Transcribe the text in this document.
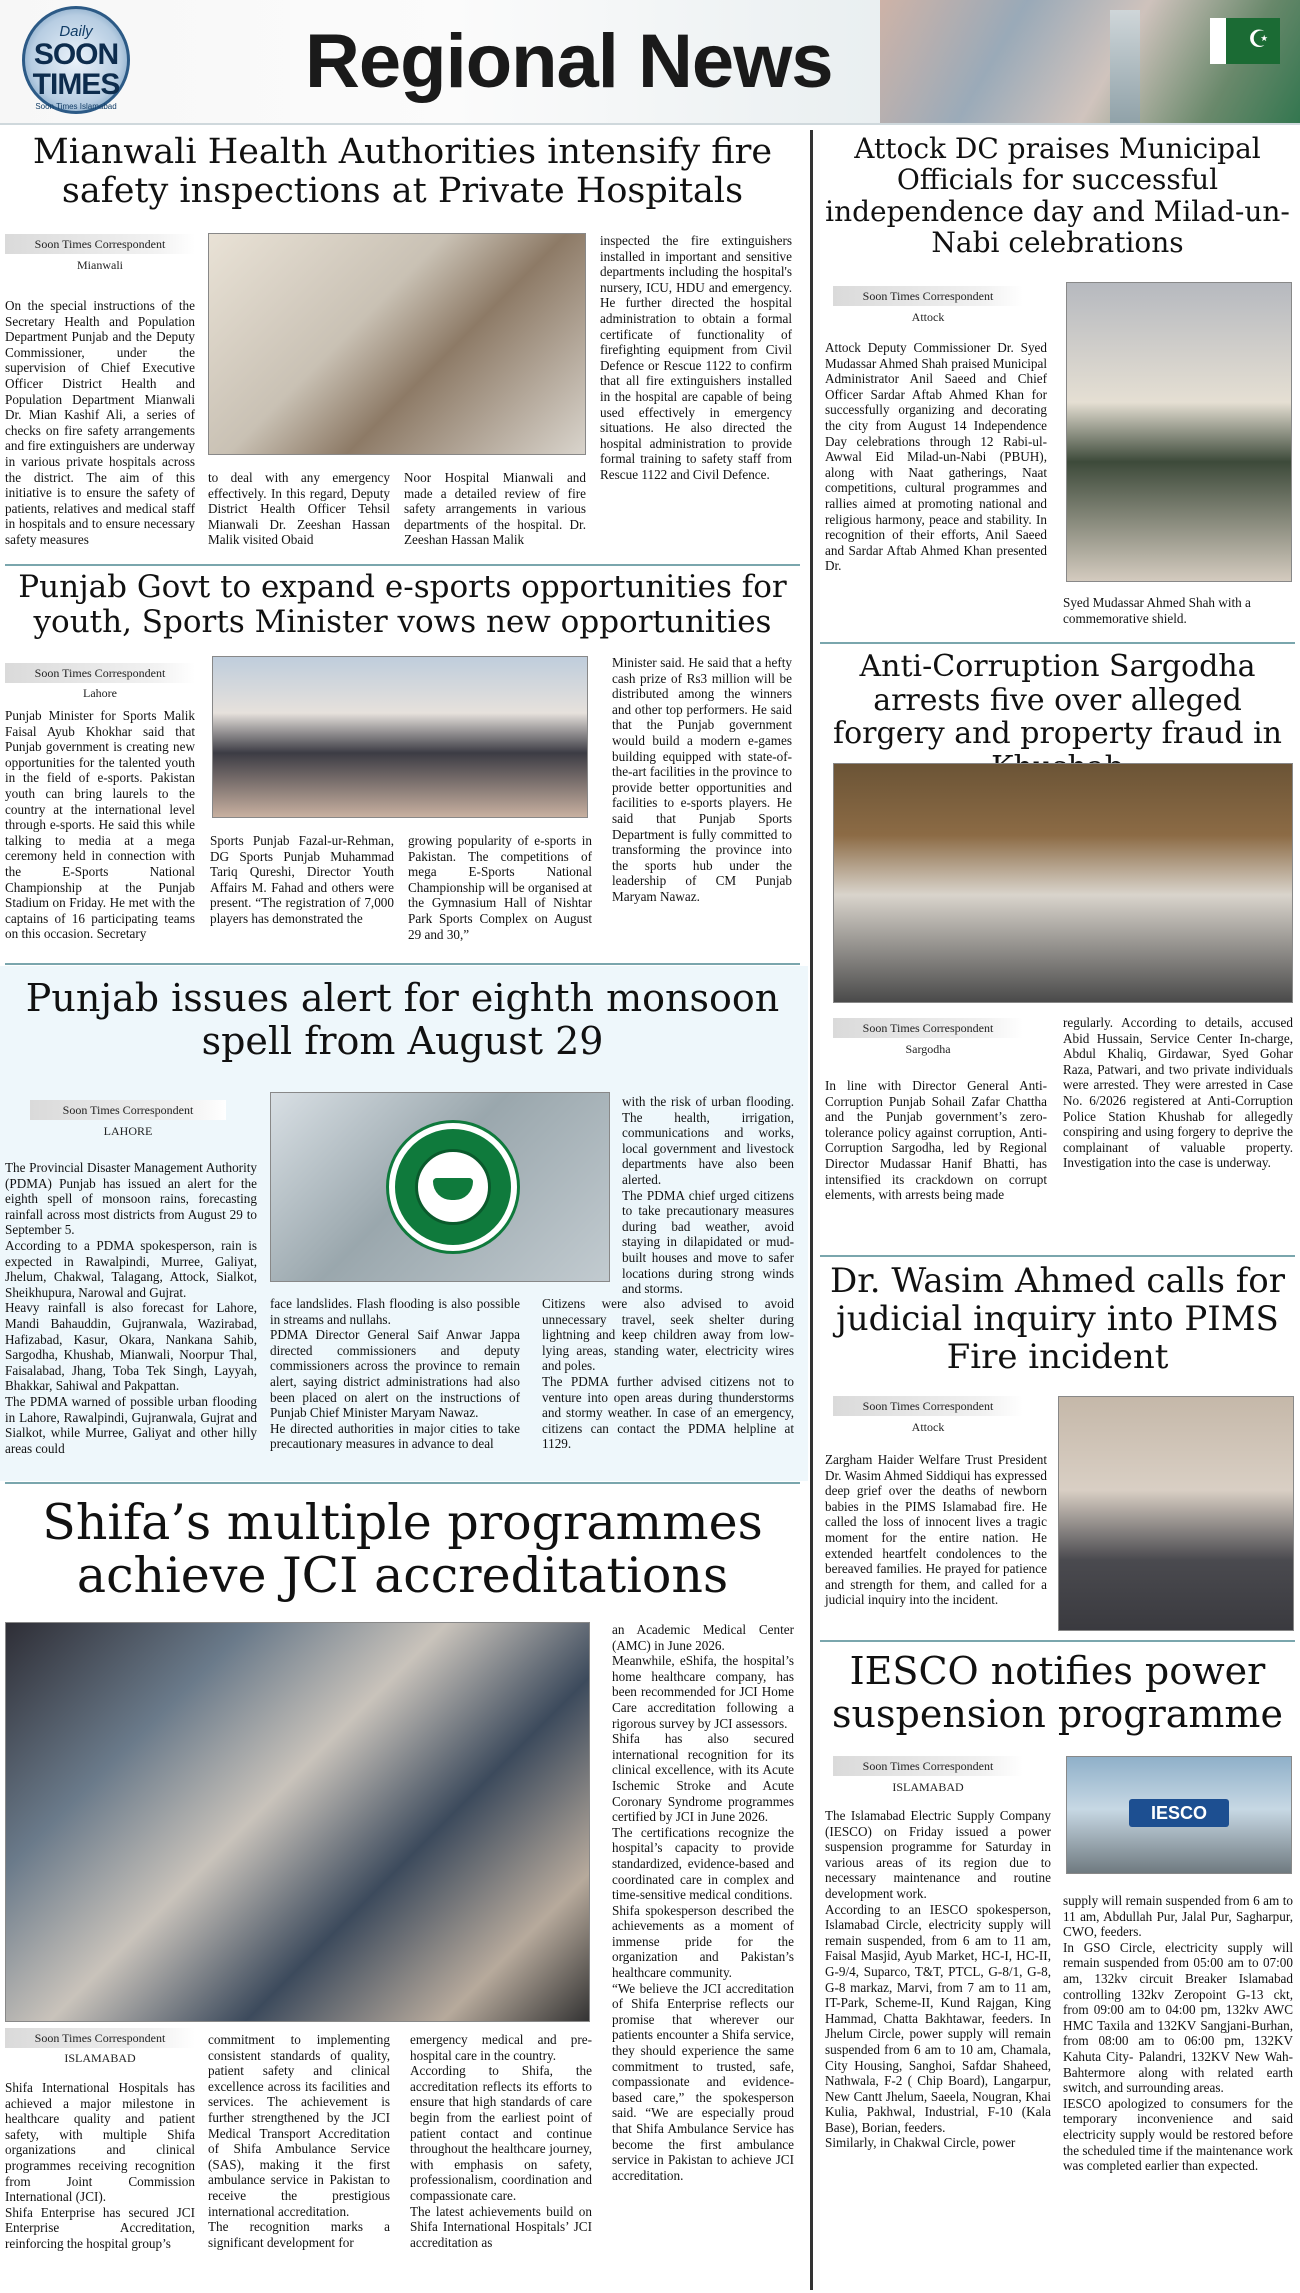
Daily
SOON
TIMES
Soon Times Islamabad
Regional News	☪
Mianwali Health Authorities intensify fire safety inspections at Private Hospitals
Soon Times Correspondent
Mianwali
On the special instructions of the Secretary Health and Population Department Punjab and the Deputy Commissioner, under the supervision of Chief Executive Officer District Health and Population Department Mianwali Dr. Mian Kashif Ali, a series of checks on fire safety arrangements and fire extinguishers are underway in various private hospitals across the district. The aim of this initiative is to ensure the safety of patients, relatives and medical staff in hospitals and to ensure necessary safety measures
to deal with any emergency effectively. In this regard, Deputy District Health Officer Tehsil Mianwali Dr. Zeeshan Hassan Malik visited Obaid
Noor Hospital Mianwali and made a detailed review of fire safety arrangements in various departments of the hospital. Dr. Zeeshan Hassan Malik
inspected the fire extinguishers installed in important and sensitive departments including the hospital's nursery, ICU, HDU and emergency. He further directed the hospital administration to obtain a formal certificate of functionality of firefighting equipment from Civil Defence or Rescue 1122 to confirm that all fire extinguishers installed in the hospital are capable of being used effectively in emergency situations. He also directed the hospital administration to provide formal training to safety staff from Rescue 1122 and Civil Defence.
Punjab Govt to expand e-sports opportunities for youth, Sports Minister vows new opportunities
Soon Times Correspondent
Lahore
Punjab Minister for Sports Malik Faisal Ayub Khokhar said that Punjab government is creating new opportunities for the talented youth in the field of e-sports. Pakistan youth can bring laurels to the country at the international level through e-sports. He said this while talking to media at a mega ceremony held in connection with the E-Sports National Championship at the Punjab Stadium on Friday. He met with the captains of 16 participating teams on this occasion. Secretary
Sports Punjab Fazal-ur-Rehman, DG Sports Punjab Muhammad Tariq Qureshi, Director Youth Affairs M. Fahad and others were present. “The registration of 7,000 players has demonstrated the
growing popularity of e-sports in Pakistan. The competitions of mega E-Sports National Championship will be organised at the Gymnasium Hall of Nishtar Park Sports Complex on August 29 and 30,”
Minister said. He said that a hefty cash prize of Rs3 million will be distributed among the winners and other top performers. He said that the Punjab government would build a modern e-games building equipped with state-of-the-art facilities in the province to provide better opportunities and facilities to e-sports players. He said that Punjab Sports Department is fully committed to transforming the province into the sports hub under the leadership of CM Punjab Maryam Nawaz.
Punjab issues alert for eighth monsoon spell from August 29
Soon Times Correspondent
LAHORE
The Provincial Disaster Management Authority (PDMA) Punjab has issued an alert for the eighth spell of monsoon rains, forecasting rainfall across most districts from August 29 to September 5.
According to a PDMA spokesperson, rain is expected in Rawalpindi, Murree, Galiyat, Jhelum, Chakwal, Talagang, Attock, Sialkot, Sheikhupura, Narowal and Gujrat.
Heavy rainfall is also forecast for Lahore, Mandi Bahauddin, Gujranwala, Wazirabad, Hafizabad, Kasur, Okara, Nankana Sahib, Sargodha, Khushab, Mianwali, Noorpur Thal, Faisalabad, Jhang, Toba Tek Singh, Layyah, Bhakkar, Sahiwal and Pakpattan.
The PDMA warned of possible urban flooding in Lahore, Rawalpindi, Gujranwala, Gujrat and Sialkot, while Murree, Galiyat and other hilly areas could
face landslides. Flash flooding is also possible in streams and nullahs.
PDMA Director General Saif Anwar Jappa directed commissioners and deputy commissioners across the province to remain alert, saying district administrations had also been placed on alert on the instructions of Punjab Chief Minister Maryam Nawaz.
He directed authorities in major cities to take precautionary measures in advance to deal
with the risk of urban flooding. The health, irrigation, communications and works, local government and livestock departments have also been alerted.
The PDMA chief urged citizens to take precautionary measures during bad weather, avoid staying in dilapidated or mud-built houses and move to safer locations during strong winds and storms.
Citizens were also advised to avoid unnecessary travel, seek shelter during lightning and keep children away from low-lying areas, standing water, electricity wires and poles.
The PDMA further advised citizens not to venture into open areas during thunderstorms and stormy weather. In case of an emergency, citizens can contact the PDMA helpline at 1129.
Shifa’s multiple programmes achieve JCI accreditations
Soon Times Correspondent
ISLAMABAD
Shifa International Hospitals has achieved a major milestone in healthcare quality and patient safety, with multiple Shifa organizations and clinical programmes receiving recognition from Joint Commission International (JCI).
Shifa Enterprise has secured JCI Enterprise Accreditation, reinforcing the hospital group’s
commitment to implementing consistent standards of quality, patient safety and clinical excellence across its facilities and services. The achievement is further strengthened by the JCI Medical Transport Accreditation of Shifa Ambulance Service (SAS), making it the first ambulance service in Pakistan to receive the prestigious international accreditation.
The recognition marks a significant development for
emergency medical and pre-hospital care in the country.
According to Shifa, the accreditation reflects its efforts to ensure that high standards of care begin from the earliest point of patient contact and continue throughout the healthcare journey, with emphasis on safety, professionalism, coordination and compassionate care.
The latest achievements build on Shifa International Hospitals’ JCI accreditation as
an Academic Medical Center (AMC) in June 2026.
Meanwhile, eShifa, the hospital’s home healthcare company, has been recommended for JCI Home Care accreditation following a rigorous survey by JCI assessors.
Shifa has also secured international recognition for its clinical excellence, with its Acute Ischemic Stroke and Acute Coronary Syndrome programmes certified by JCI in June 2026.
The certifications recognize the hospital’s capacity to provide standardized, evidence-based and coordinated care in complex and time-sensitive medical conditions.
Shifa spokesperson described the achievements as a moment of immense pride for the organization and Pakistan’s healthcare community.
“We believe the JCI accreditation of Shifa Enterprise reflects our promise that wherever our patients encounter a Shifa service, they should experience the same commitment to trusted, safe, compassionate and evidence-based care,” the spokesperson said. “We are especially proud that Shifa Ambulance Service has become the first ambulance service in Pakistan to achieve JCI accreditation.
Attock DC praises Municipal Officials for successful independence day and Milad-un-Nabi celebrations
Soon Times Correspondent
Attock
Attock Deputy Commissioner Dr. Syed Mudassar Ahmed Shah praised Municipal Administrator Anil Saeed and Chief Officer Sardar Aftab Ahmed Khan for successfully organizing and decorating the city from August 14 Independence Day celebrations through 12 Rabi-ul-Awwal Eid Milad-un-Nabi (PBUH), along with Naat gatherings, Naat competitions, cultural programmes and rallies aimed at promoting national and religious harmony, peace and stability. In recognition of their efforts, Anil Saeed and Sardar Aftab Ahmed Khan presented Dr.
Syed Mudassar Ahmed Shah with a commemorative shield.
Anti-Corruption Sargodha arrests five over alleged forgery and property fraud in
Soon Times Correspondent
Sargodha
In line with Director General Anti-Corruption Punjab Sohail Zafar Chattha and the Punjab government’s zero-tolerance policy against corruption, Anti-Corruption Sargodha, led by Regional Director Mudassar Hanif Bhatti, has intensified its crackdown on corrupt elements, with arrests being made
regularly. According to details, accused Abid Hussain, Service Center In-charge, Abdul Khaliq, Girdawar, Syed Gohar Raza, Patwari, and two private individuals were arrested. They were arrested in Case No. 6/2026 registered at Anti-Corruption Police Station Khushab for allegedly conspiring and using forgery to deprive the complainant of valuable property. Investigation into the case is underway.
Dr. Wasim Ahmed calls for judicial inquiry into PIMS Fire incident
Soon Times Correspondent
Attock
Zargham Haider Welfare Trust President Dr. Wasim Ahmed Siddiqui has expressed deep grief over the deaths of newborn babies in the PIMS Islamabad fire. He called the loss of innocent lives a tragic moment for the entire nation. He extended heartfelt condolences to the bereaved families. He prayed for patience and strength for them, and called for a judicial inquiry into the incident.
IESCO notifies power suspension programme
Soon Times Correspondent
ISLAMABAD
IESCO
The Islamabad Electric Supply Company (IESCO) on Friday issued a power suspension programme for Saturday in various areas of its region due to necessary maintenance and routine development work.
According to an IESCO spokesperson, Islamabad Circle, electricity supply will remain suspended, from 6 am to 11 am, Faisal Masjid, Ayub Market, HC-I, HC-II, G-9/4, Suparco, T&T, PTCL, G-8/1, G-8, G-8 markaz, Marvi, from 7 am to 11 am, IT-Park, Scheme-II, Kund Rajgan, King Hammad, Chatta Bakhtawar, feeders. In Jhelum Circle, power supply will remain suspended from 6 am to 10 am, Chamala, City Housing, Sanghoi, Safdar Shaheed, Nathwala, F-2 ( Chip Board), Langarpur, New Cantt Jhelum, Saeela, Nougran, Khai Kulia, Pakhwal, Industrial, F-10 (Kala Base), Borian, feeders.
Similarly, in Chakwal Circle, power
supply will remain suspended from 6 am to 11 am, Abdullah Pur, Jalal Pur, Sagharpur, CWO, feeders.
In GSO Circle, electricity supply will remain suspended from 05:00 am to 07:00 am, 132kv circuit Breaker Islamabad controlling 132kv Zeropoint G-13 ckt, from 09:00 am to 04:00 pm, 132kv AWC HMC Taxila and 132KV Sangjani-Burhan, from 08:00 am to 06:00 pm, 132KV Kahuta City- Palandri, 132KV New Wah-Bahtermore along with related earth switch, and surrounding areas.
IESCO apologized to consumers for the temporary inconvenience and said electricity supply would be restored before the scheduled time if the maintenance work was completed earlier than expected.
